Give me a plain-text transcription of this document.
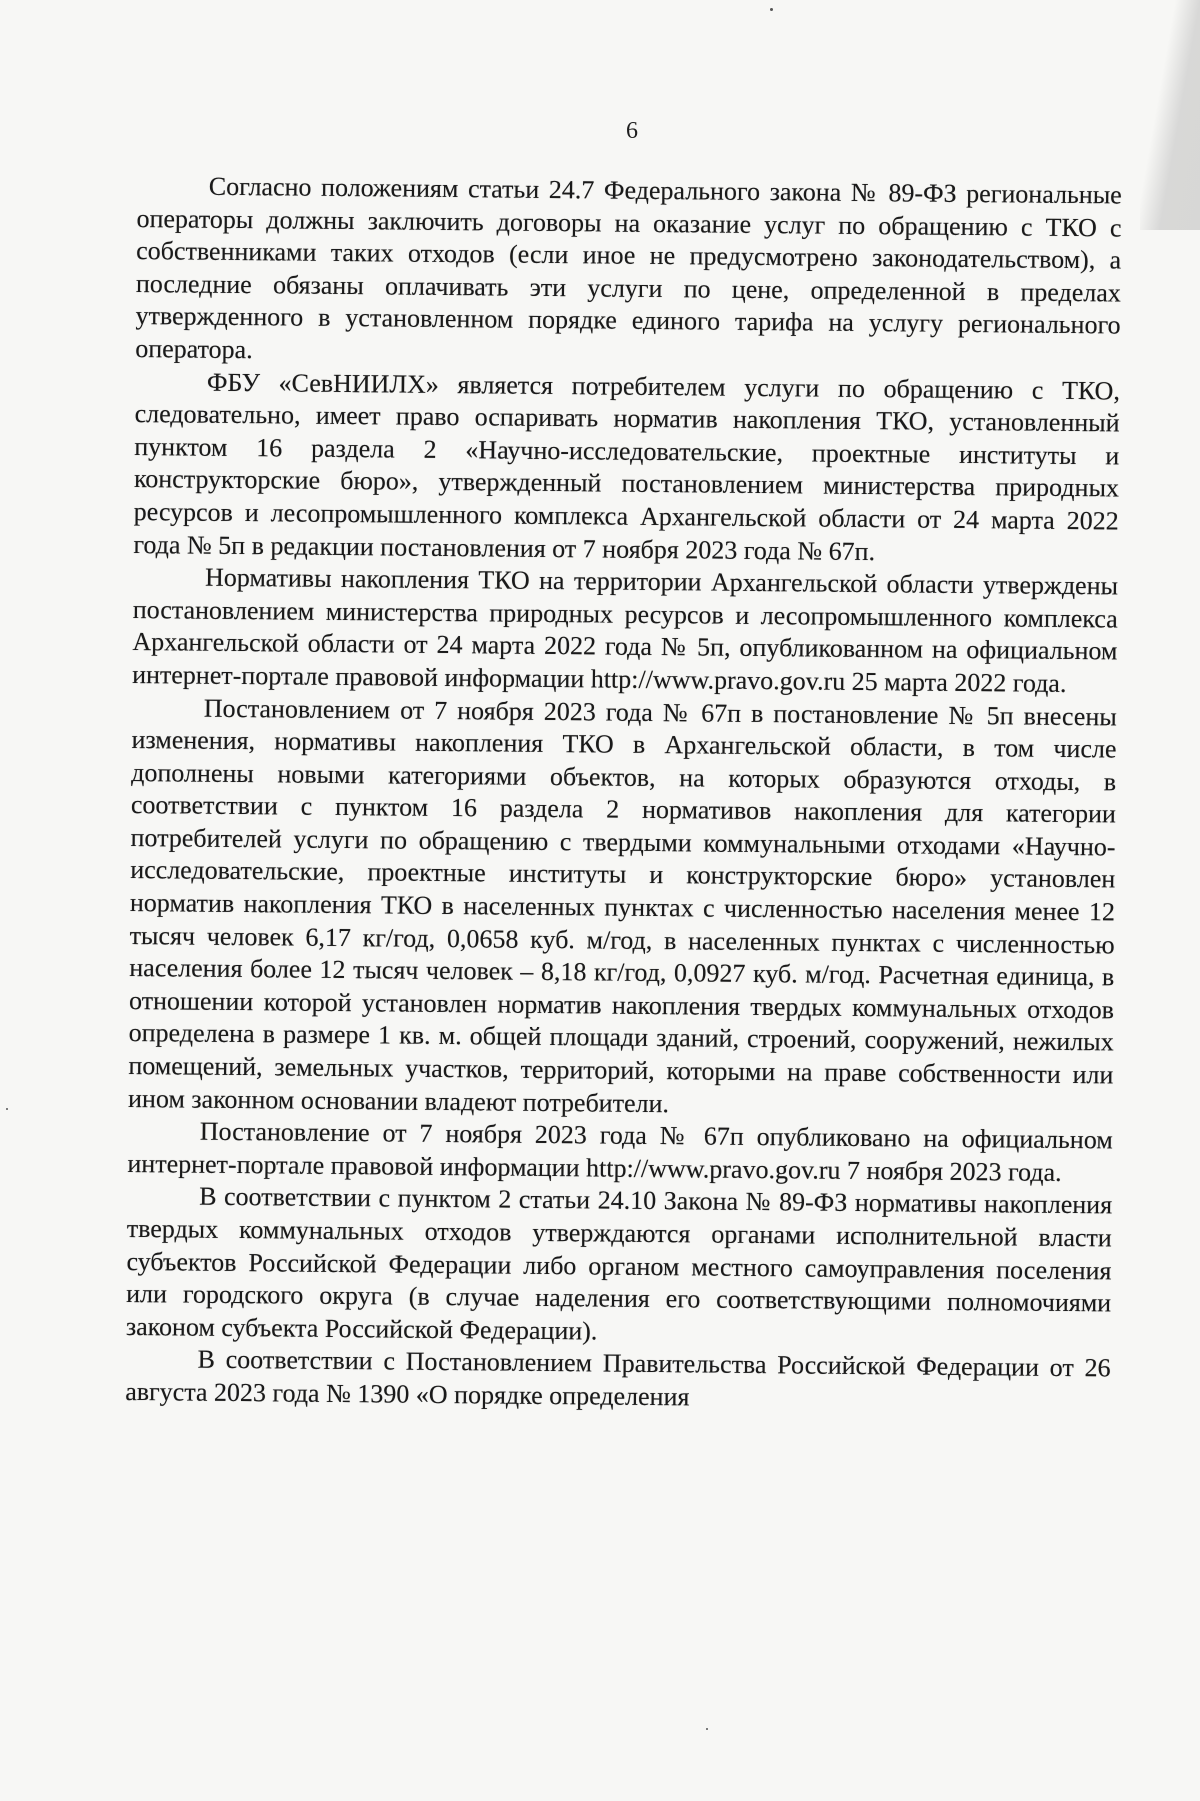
6

Согласно положениям статьи 24.7 Федерального закона № 89-ФЗ региональные операторы должны заключить договоры на оказание услуг по обращению с ТКО с собственниками таких отходов (если иное не предусмотрено законодательством), а последние обязаны оплачивать эти услуги по цене, определенной в пределах утвержденного в установленном порядке единого тарифа на услугу регионального оператора.

ФБУ «СевНИИЛХ» является потребителем услуги по обращению с ТКО, следовательно, имеет право оспаривать норматив накопления ТКО, установленный пунктом 16 раздела 2 «Научно-исследовательские, проектные институты и конструкторские бюро», утвержденный постановлением министерства природных ресурсов и лесопромышленного комплекса Архангельской области от 24 марта 2022 года № 5п в редакции постановления от 7 ноября 2023 года № 67п.

Нормативы накопления ТКО на территории Архангельской области утверждены постановлением министерства природных ресурсов и лесопромышленного комплекса Архангельской области от 24 марта 2022 года № 5п, опубликованном на официальном интернет-портале правовой информации http://www.pravo.gov.ru 25 марта 2022 года.

Постановлением от 7 ноября 2023 года № 67п в постановление № 5п внесены изменения, нормативы накопления ТКО в Архангельской области, в том числе дополнены новыми категориями объектов, на которых образуются отходы, в соответствии с пунктом 16 раздела 2 нормативов накопления для категории потребителей услуги по обращению с твердыми коммунальными отходами «Научно-исследовательские, проектные институты и конструкторские бюро» установлен норматив накопления ТКО в населенных пунктах с численностью населения менее 12 тысяч человек 6,17 кг/год, 0,0658 куб. м/год, в населенных пунктах с численностью населения более 12 тысяч человек – 8,18 кг/год, 0,0927 куб. м/год. Расчетная единица, в отношении которой установлен норматив накопления твердых коммунальных отходов определена в размере 1 кв. м. общей площади зданий, строений, сооружений, нежилых помещений, земельных участков, территорий, которыми на праве собственности или ином законном основании владеют потребители.

Постановление от 7 ноября 2023 года № 67п опубликовано на официальном интернет-портале правовой информации http://www.pravo.gov.ru 7 ноября 2023 года.

В соответствии с пунктом 2 статьи 24.10 Закона № 89-ФЗ нормативы накопления твердых коммунальных отходов утверждаются органами исполнительной власти субъектов Российской Федерации либо органом местного самоуправления поселения или городского округа (в случае наделения его соответствующими полномочиями законом субъекта Российской Федерации).

В соответствии с Постановлением Правительства Российской Федерации от 26 августа 2023 года № 1390 «О порядке определения
